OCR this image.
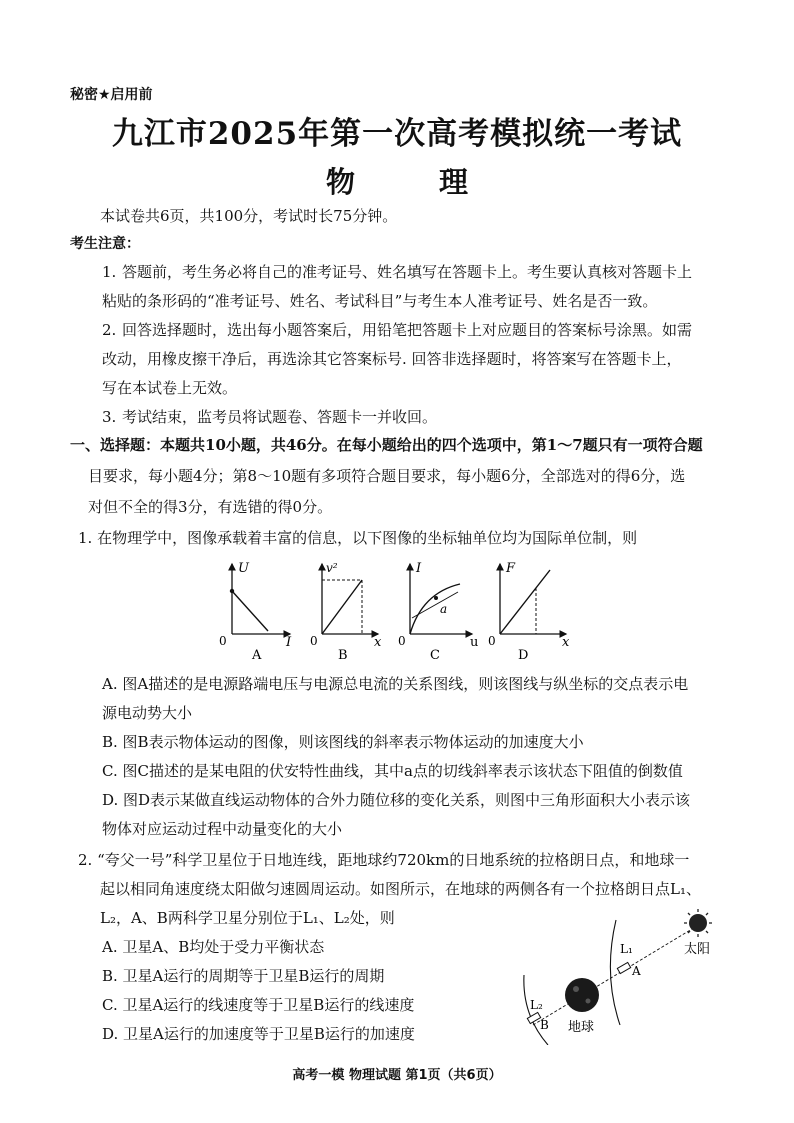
秘密★启用前
九江市2025年第一次高考模拟统一考试
物	理
本试卷共6页，共100分，考试时长75分钟。
考生注意：
1. 答题前，考生务必将自己的准考证号、姓名填写在答题卡上。考生要认真核对答题卡上
粘贴的条形码的“准考证号、姓名、考试科目”与考生本人准考证号、姓名是否一致。
2. 回答选择题时，选出每小题答案后，用铅笔把答题卡上对应题目的答案标号涂黑。如需
改动，用橡皮擦干净后，再选涂其它答案标号. 回答非选择题时，将答案写在答题卡上，
写在本试卷上无效。
3. 考试结束，监考员将试题卷、答题卡一并收回。
一、选择题：本题共10小题，共46分。在每小题给出的四个选项中，第1～7题只有一项符合题
目要求，每小题4分；第8～10题有多项符合题目要求，每小题6分，全部选对的得6分，选
对但不全的得3分，有选错的得0分。
1. 在物理学中，图像承载着丰富的信息，以下图像的坐标轴单位均为国际单位制，则
U
I
0
A
v²
x
0
B
I
a
u
0
C
F
x
0
D
A. 图A描述的是电源路端电压与电源总电流的关系图线，则该图线与纵坐标的交点表示电
源电动势大小
B. 图B表示物体运动的图像，则该图线的斜率表示物体运动的加速度大小
C. 图C描述的是某电阻的伏安特性曲线，其中a点的切线斜率表示该状态下阻值的倒数值
D. 图D表示某做直线运动物体的合外力随位移的变化关系，则图中三角形面积大小表示该
物体对应运动过程中动量变化的大小
2. “夸父一号”科学卫星位于日地连线，距地球约720km的日地系统的拉格朗日点，和地球一
起以相同角速度绕太阳做匀速圆周运动。如图所示，在地球的两侧各有一个拉格朗日点L₁、
L₂，A、B两科学卫星分别位于L₁、L₂处，则
A. 卫星A、B均处于受力平衡状态
B. 卫星A运行的周期等于卫星B运行的周期
C. 卫星A运行的线速度等于卫星B运行的线速度
D. 卫星A运行的加速度等于卫星B运行的加速度
太阳
地球
L₁
A
L₂
B
高考一模 物理试题 第1页（共6页）
